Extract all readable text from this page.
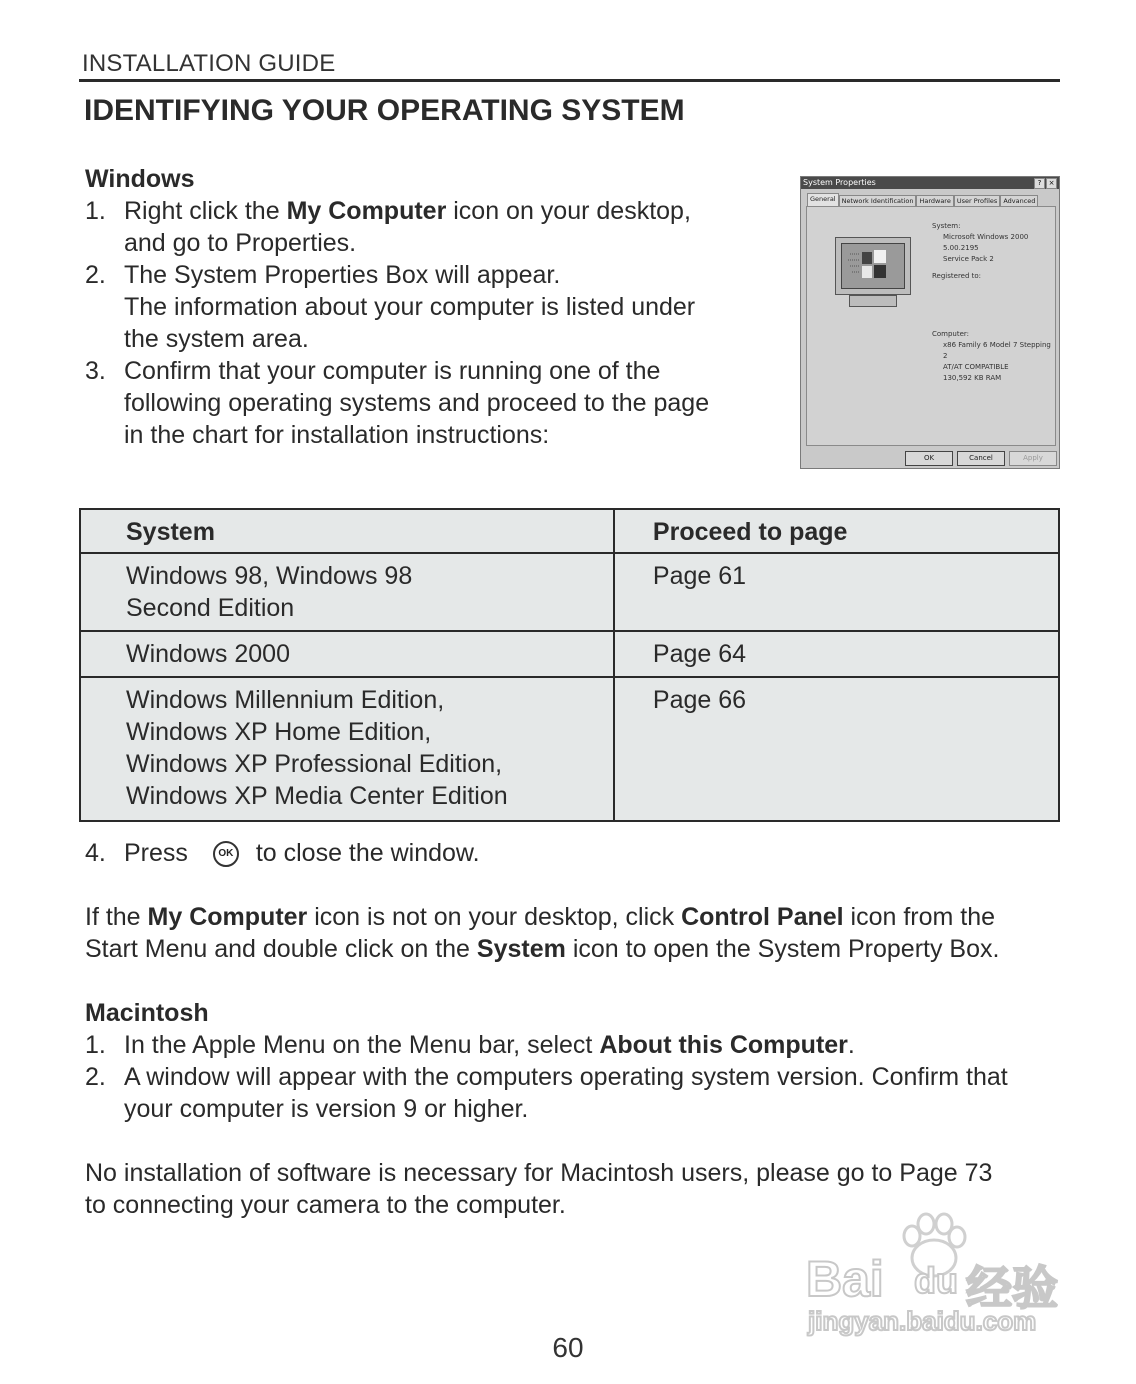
INSTALLATION GUIDE
IDENTIFYING YOUR OPERATING SYSTEM
Windows
1. Right click the My Computer icon on your desktop,
and go to Properties.
2. The System Properties Box will appear.
The information about your computer is listed under
the system area.
3. Confirm that your computer is running one of the
following operating systems and proceed to the page
in the chart for installation instructions:
System Properties	?	×
General Network Identification Hardware User Profiles Advanced
System:
Microsoft Windows 2000
5.00.2195
Service Pack 2
Registered to:
Computer:
x86 Family 6 Model 7 Stepping
2
AT/AT COMPATIBLE
130,592 KB RAM
OK	Cancel	Apply
System	Proceed to page

Windows 98, Windows 98
Second Edition	Page 61

Windows 2000	Page 64

Windows Millennium Edition,
Windows XP Home Edition,
Windows XP Professional Edition,
Windows XP Media Center Edition	Page 66
4. Press	OK to close the window.
If the My Computer icon is not on your desktop, click Control Panel icon from the
Start Menu and double click on the System icon to open the System Property Box.
Macintosh
1. In the Apple Menu on the Menu bar, select About this Computer.
2. A window will appear with the computers operating system version. Confirm that
your computer is version 9 or higher.
No installation of software is necessary for Macintosh users, please go to Page 73
to connecting your camera to the computer.
Bai du 经验
jingyan.baidu.com
60
